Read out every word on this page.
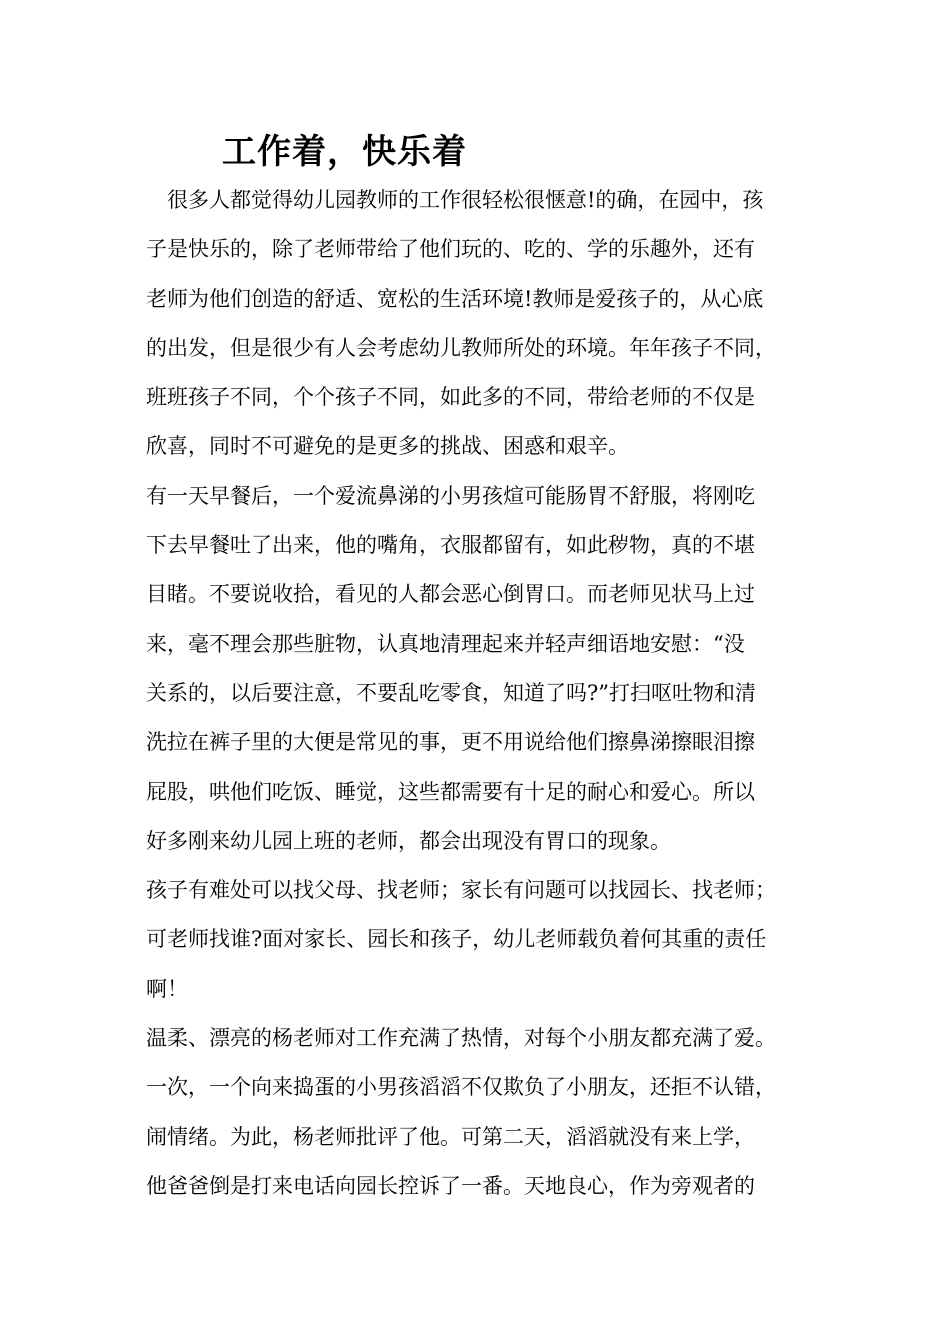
工作着，快乐着

很多人都觉得幼儿园教师的工作很轻松很惬意!的确，在园中，孩

子是快乐的，除了老师带给了他们玩的、吃的、学的乐趣外，还有

老师为他们创造的舒适、宽松的生活环境!教师是爱孩子的，从心底

的出发，但是很少有人会考虑幼儿教师所处的环境。年年孩子不同，

班班孩子不同，个个孩子不同，如此多的不同，带给老师的不仅是

欣喜，同时不可避免的是更多的挑战、困惑和艰辛。

有一天早餐后，一个爱流鼻涕的小男孩煊可能肠胃不舒服，将刚吃

下去早餐吐了出来，他的嘴角，衣服都留有，如此秽物，真的不堪

目睹。不要说收拾，看见的人都会恶心倒胃口。而老师见状马上过

来，毫不理会那些脏物，认真地清理起来并轻声细语地安慰：“没

关系的，以后要注意，不要乱吃零食，知道了吗?”打扫呕吐物和清

洗拉在裤子里的大便是常见的事，更不用说给他们擦鼻涕擦眼泪擦

屁股，哄他们吃饭、睡觉，这些都需要有十足的耐心和爱心。所以

好多刚来幼儿园上班的老师，都会出现没有胃口的现象。

孩子有难处可以找父母、找老师；家长有问题可以找园长、找老师；

可老师找谁?面对家长、园长和孩子，幼儿老师载负着何其重的责任

啊！

温柔、漂亮的杨老师对工作充满了热情，对每个小朋友都充满了爱。

一次，一个向来捣蛋的小男孩滔滔不仅欺负了小朋友，还拒不认错，

闹情绪。为此，杨老师批评了他。可第二天，滔滔就没有来上学，

他爸爸倒是打来电话向园长控诉了一番。天地良心，作为旁观者的
